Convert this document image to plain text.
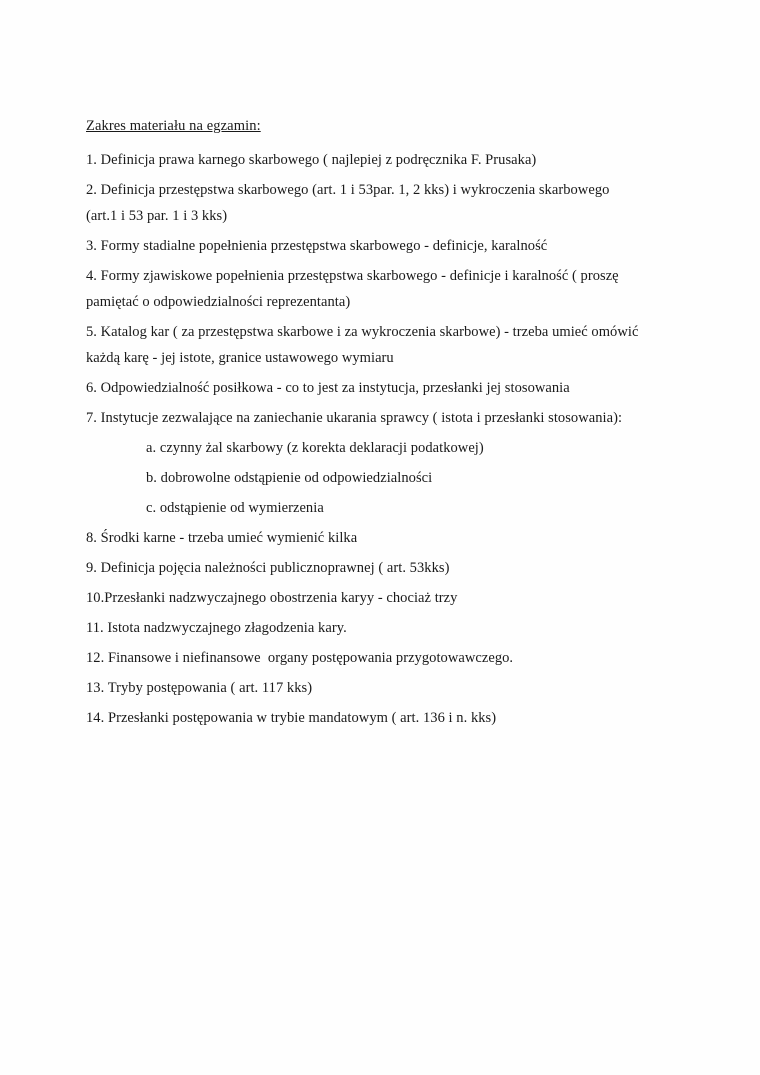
Zakres materiału na egzamin:
1. Definicja prawa karnego skarbowego ( najlepiej z podręcznika F. Prusaka)
2. Definicja przestępstwa skarbowego (art. 1 i 53par. 1, 2 kks) i wykroczenia skarbowego
(art.1 i 53 par. 1 i 3 kks)
3. Formy stadialne popełnienia przestępstwa skarbowego - definicje, karalność
4. Formy zjawiskowe popełnienia przestępstwa skarbowego - definicje i karalność ( proszę
pamiętać o odpowiedzialności reprezentanta)
5. Katalog kar ( za przestępstwa skarbowe i za wykroczenia skarbowe) - trzeba umieć omówić
każdą karę - jej istote, granice ustawowego wymiaru
6. Odpowiedzialność posiłkowa - co to jest za instytucja, przesłanki jej stosowania
7. Instytucje zezwalające na zaniechanie ukarania sprawcy ( istota i przesłanki stosowania):
a. czynny żal skarbowy (z korekta deklaracji podatkowej)
b. dobrowolne odstąpienie od odpowiedzialności
c. odstąpienie od wymierzenia
8. Środki karne - trzeba umieć wymienić kilka
9. Definicja pojęcia należności publicznoprawnej ( art. 53kks)
10.Przesłanki nadzwyczajnego obostrzenia karyy - chociaż trzy
11. Istota nadzwyczajnego złagodzenia kary.
12. Finansowe i niefinansowe  organy postępowania przygotowawczego.
13. Tryby postępowania ( art. 117 kks)
14. Przesłanki postępowania w trybie mandatowym ( art. 136 i n. kks)
